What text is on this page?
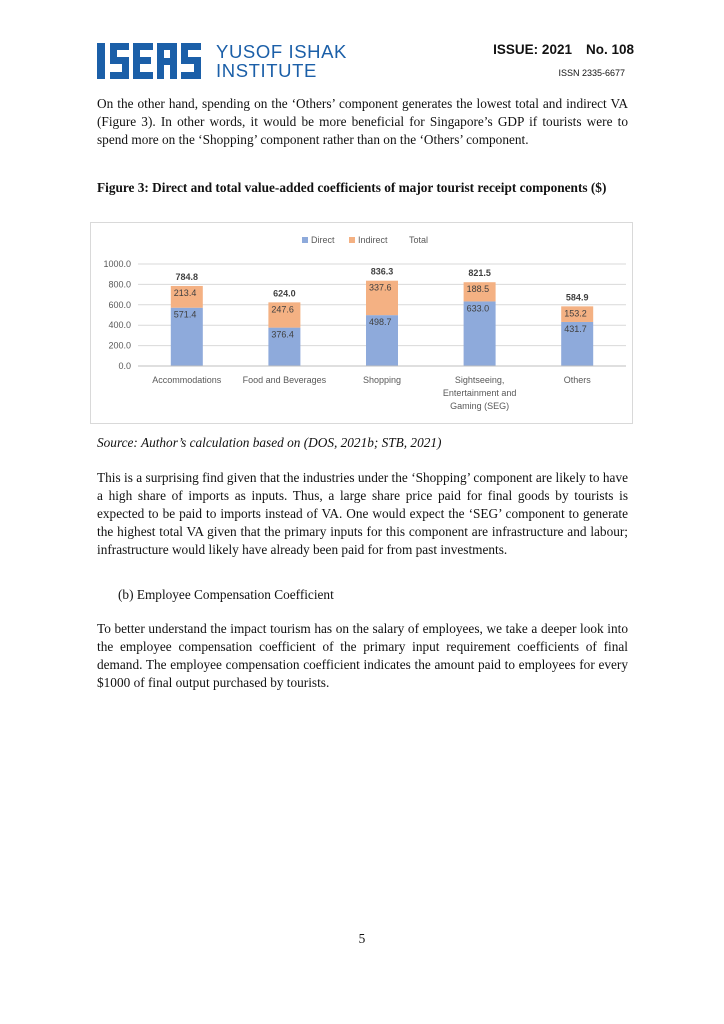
YUSOF ISHAK
INSTITUTE
ISSUE: 2021 No. 108
ISSN 2335-6677

On the other hand, spending on the ‘Others’ component generates the lowest total and indirect VA (Figure 3). In other words, it would be more beneficial for Singapore’s GDP if tourists were to spend more on the ‘Shopping’ component rather than on the ‘Others’ component.

Figure 3: Direct and total value-added coefficients of major tourist receipt components ($)

0.0
200.0
400.0
600.0
800.0
1000.0
Direct	Indirect Total
571.4
213.4
784.8
Accommodations
376.4
247.6
624.0
Food and Beverages
498.7
337.6
836.3
Shopping
633.0
188.5
821.5
Sightseeing,
Entertainment and
Gaming (SEG)
431.7
153.2
584.9
Others
Source: Author’s calculation based on (DOS, 2021b; STB, 2021)

This is a surprising find given that the industries under the ‘Shopping’ component are likely to have a high share of imports as inputs. Thus, a large share price paid for final goods by tourists is expected to be paid to imports instead of VA. One would expect the ‘SEG’ component to generate the highest total VA given that the primary inputs for this component are infrastructure and labour; infrastructure would likely have already been paid for from past investments.

(b) Employee Compensation Coefficient

To better understand the impact tourism has on the salary of employees, we take a deeper look into the employee compensation coefficient of the primary input requirement coefficients of final demand. The employee compensation coefficient indicates the amount paid to employees for every $1000 of final output purchased by tourists.

5
